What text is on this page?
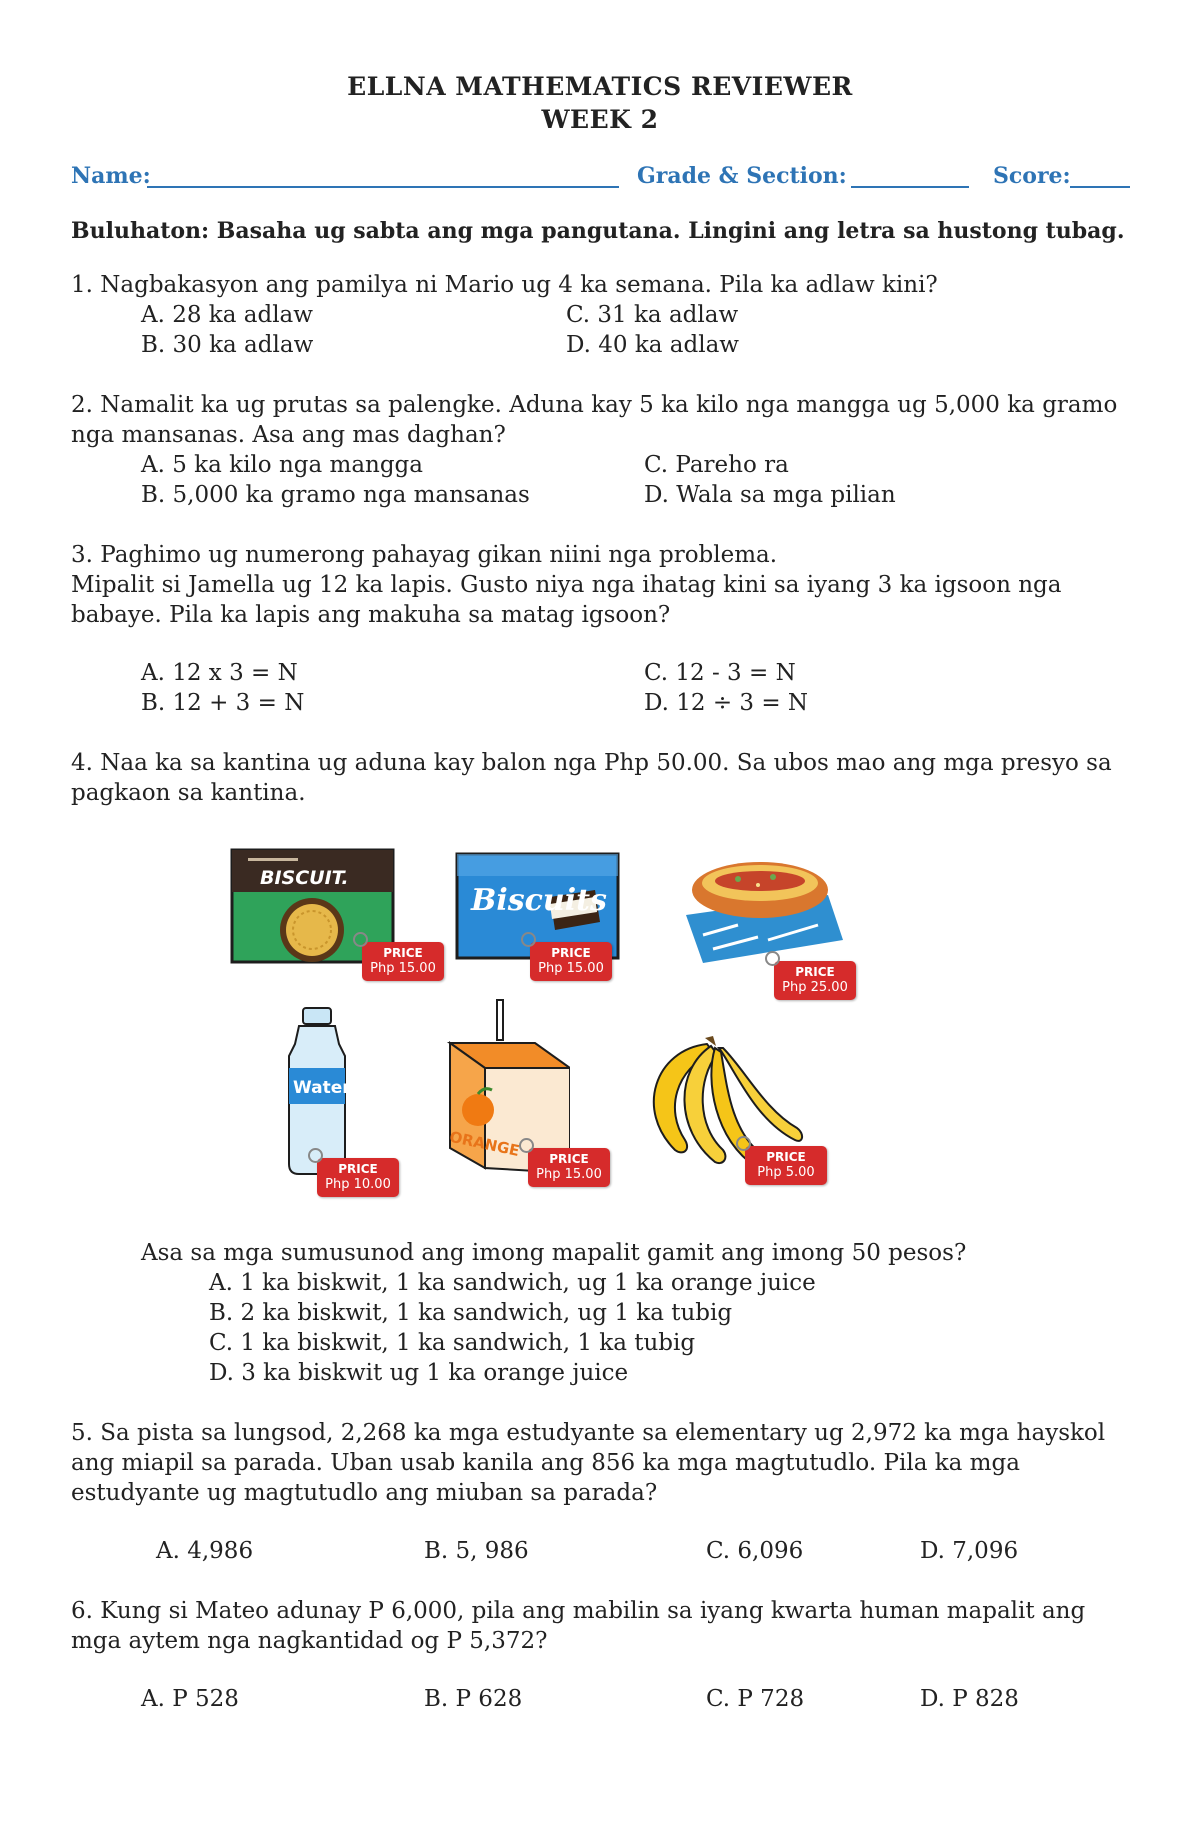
ELLNA MATHEMATICS REVIEWER
WEEK 2
Name:	Grade & Section:	Score:
Buluhaton: Basaha ug sabta ang mga pangutana. Lingini ang letra sa hustong tubag.
1. Nagbakasyon ang pamilya ni Mario ug 4 ka semana. Pila ka adlaw kini?
A. 28 ka adlaw	C. 31 ka adlaw
B. 30 ka adlaw	D. 40 ka adlaw
2. Namalit ka ug prutas sa palengke. Aduna kay 5 ka kilo nga mangga ug 5,000 ka gramo
nga mansanas. Asa ang mas daghan?
A. 5 ka kilo nga mangga	C. Pareho ra
B. 5,000 ka gramo nga mansanas	D. Wala sa mga pilian
3. Paghimo ug numerong pahayag gikan niini nga problema.
Mipalit si Jamella ug 12 ka lapis. Gusto niya nga ihatag kini sa iyang 3 ka igsoon nga
babaye. Pila ka lapis ang makuha sa matag igsoon?
A. 12 x 3 = N	C. 12 - 3 = N
B. 12 + 3 = N	D. 12 ÷ 3 = N
4. Naa ka sa kantina ug aduna kay balon nga Php 50.00. Sa ubos mao ang mga presyo sa
pagkaon sa kantina.
BISCUIT.
PRICE
Php 15.00
Biscuits
PRICE
Php 15.00	PRICE
Php 25.00
Water
PRICE
Php 10.00
ORANGE	PRICE
Php 15.00
PRICE
Php 5.00
Asa sa mga sumusunod ang imong mapalit gamit ang imong 50 pesos?
A. 1 ka biskwit, 1 ka sandwich, ug 1 ka orange juice
B. 2 ka biskwit, 1 ka sandwich, ug 1 ka tubig
C. 1 ka biskwit, 1 ka sandwich, 1 ka tubig
D. 3 ka biskwit ug 1 ka orange juice
5. Sa pista sa lungsod, 2,268 ka mga estudyante sa elementary ug 2,972 ka mga hayskol
ang miapil sa parada. Uban usab kanila ang 856 ka mga magtutudlo. Pila ka mga
estudyante ug magtutudlo ang miuban sa parada?
A. 4,986	B. 5, 986	C. 6,096	D. 7,096
6. Kung si Mateo adunay P 6,000, pila ang mabilin sa iyang kwarta human mapalit ang
mga aytem nga nagkantidad og P 5,372?
A. P 528	B. P 628	C. P 728	D. P 828
